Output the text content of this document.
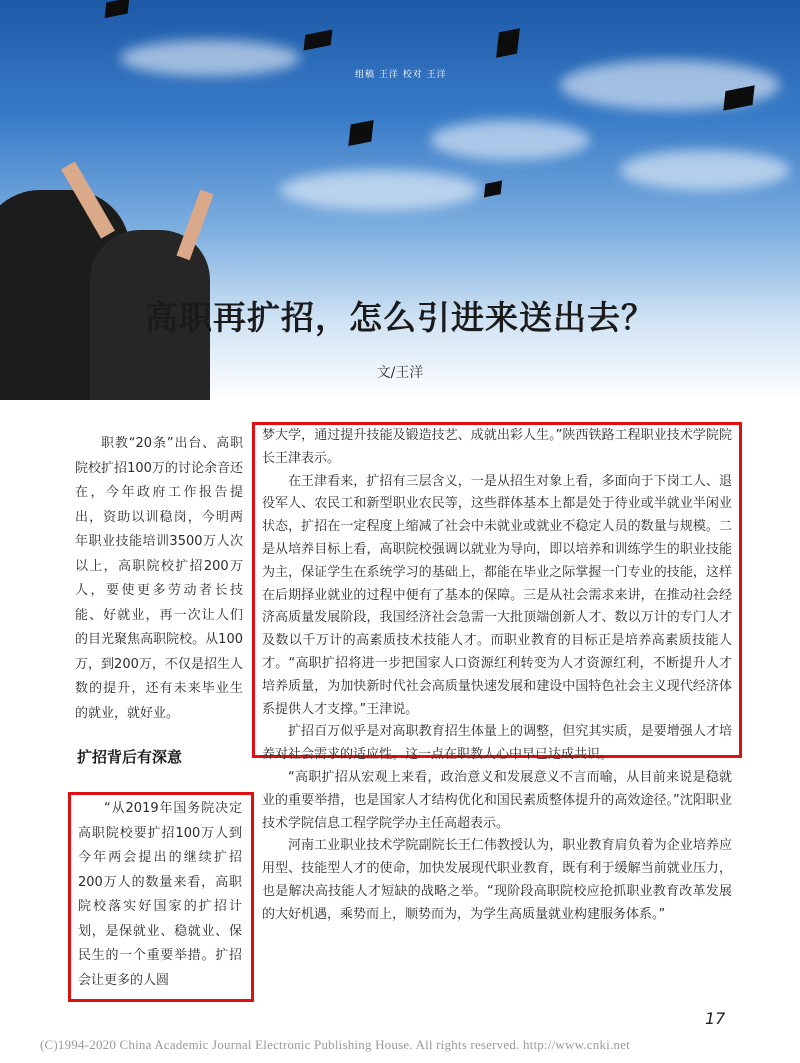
组稿 王洋 校对 王洋
高职再扩招，怎么引进来送出去？
文/王洋

职教“20条”出台、高职院校扩招100万的讨论余音还在，今年政府工作报告提出，资助以训稳岗，今明两年职业技能培训3500万人次以上，高职院校扩招200万人，要使更多劳动者长技能、好就业，再一次让人们的目光聚焦高职院校。从100万，到200万，不仅是招生人数的提升，还有未来毕业生的就业，就好业。

扩招背后有深意

“从2019年国务院决定高职院校要扩招100万人到今年两会提出的继续扩招200万人的数量来看，高职院校落实好国家的扩招计划，是保就业、稳就业、保民生的一个重要举措。扩招会让更多的人圆

梦大学，通过提升技能及锻造技艺、成就出彩人生。”陕西铁路工程职业技术学院院长王津表示。

在王津看来，扩招有三层含义，一是从招生对象上看，多面向于下岗工人、退役军人、农民工和新型职业农民等，这些群体基本上都是处于待业或半就业半闲业状态，扩招在一定程度上缩减了社会中未就业或就业不稳定人员的数量与规模。二是从培养目标上看，高职院校强调以就业为导向，即以培养和训练学生的职业技能为主，保证学生在系统学习的基础上，都能在毕业之际掌握一门专业的技能，这样在后期择业就业的过程中便有了基本的保障。三是从社会需求来讲，在推动社会经济高质量发展阶段，我国经济社会急需一大批顶端创新人才、数以万计的专门人才及数以千万计的高素质技术技能人才。而职业教育的目标正是培养高素质技能人才。“高职扩招将进一步把国家人口资源红利转变为人才资源红利，不断提升人才培养质量，为加快新时代社会高质量快速发展和建设中国特色社会主义现代经济体系提供人才支撑。”王津说。

扩招百万似乎是对高职教育招生体量上的调整，但究其实质，是要增强人才培养对社会需求的适应性。这一点在职教人心中早已达成共识。

“高职扩招从宏观上来看，政治意义和发展意义不言而喻，从目前来说是稳就业的重要举措，也是国家人才结构优化和国民素质整体提升的高效途径。”沈阳职业技术学院信息工程学院学办主任高超表示。

河南工业职业技术学院副院长王仁伟教授认为，职业教育肩负着为企业培养应用型、技能型人才的使命，加快发展现代职业教育，既有利于缓解当前就业压力，也是解决高技能人才短缺的战略之举。“现阶段高职院校应抢抓职业教育改革发展的大好机遇，乘势而上，顺势而为，为学生高质量就业构建服务体系。”

17
(C)1994-2020 China Academic Journal Electronic Publishing House. All rights reserved. http://www.cnki.net
